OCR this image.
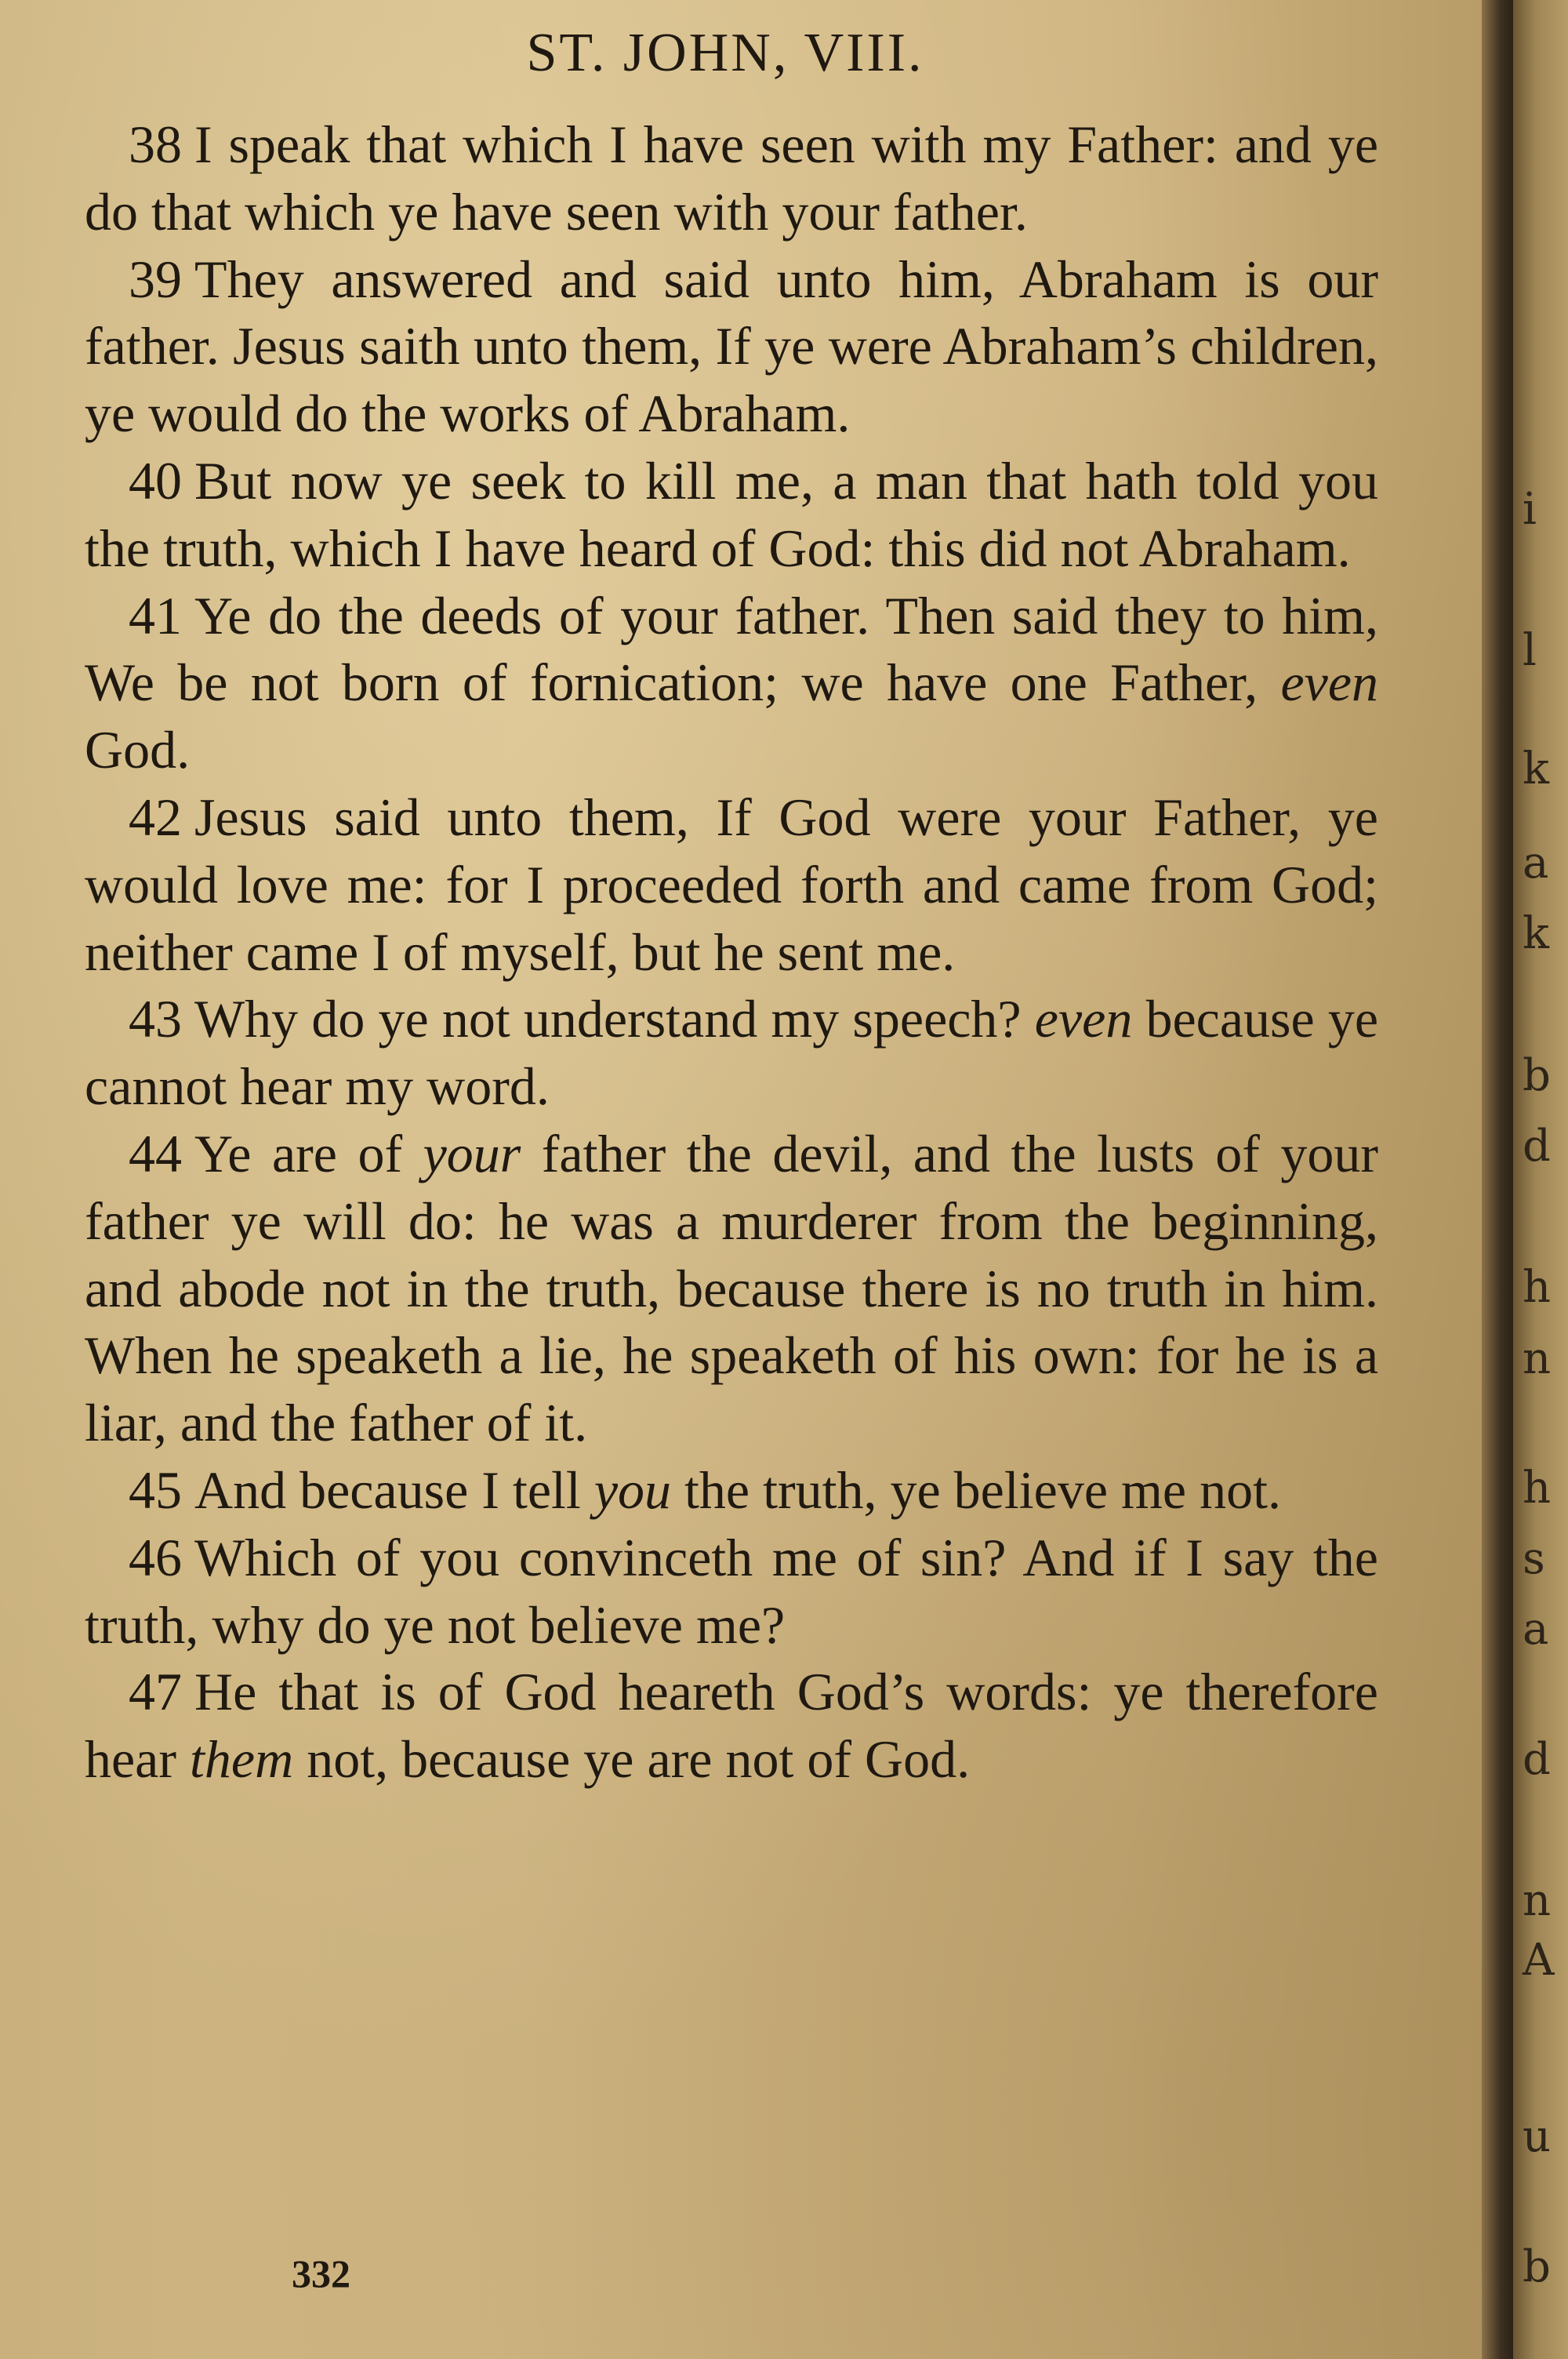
ST. JOHN, VIII.

38 I speak that which I have seen with my Father: and ye do that which ye have seen with your father.

39 They answered and said unto him, Abraham is our father. Jesus saith unto them, If ye were Abraham’s children, ye would do the works of Abraham.

40 But now ye seek to kill me, a man that hath told you the truth, which I have heard of God: this did not Abraham.

41 Ye do the deeds of your father. Then said they to him, We be not born of fornication; we have one Father, even God.

42 Jesus said unto them, If God were your Father, ye would love me: for I proceeded forth and came from God; neither came I of myself, but he sent me.

43 Why do ye not understand my speech? even because ye cannot hear my word.

44 Ye are of your father the devil, and the lusts of your father ye will do: he was a murderer from the beginning, and abode not in the truth, because there is no truth in him. When he speaketh a lie, he speaketh of his own: for he is a liar, and the father of it.

45 And because I tell you the truth, ye believe me not.

46 Which of you convinceth me of sin? And if I say the truth, why do ye not believe me?

47 He that is of God heareth God’s words: ye therefore hear them not, because ye are not of God.

332
i
l
k
a
k
b
d
h
n
h
s
a
d
n
A
u
b
